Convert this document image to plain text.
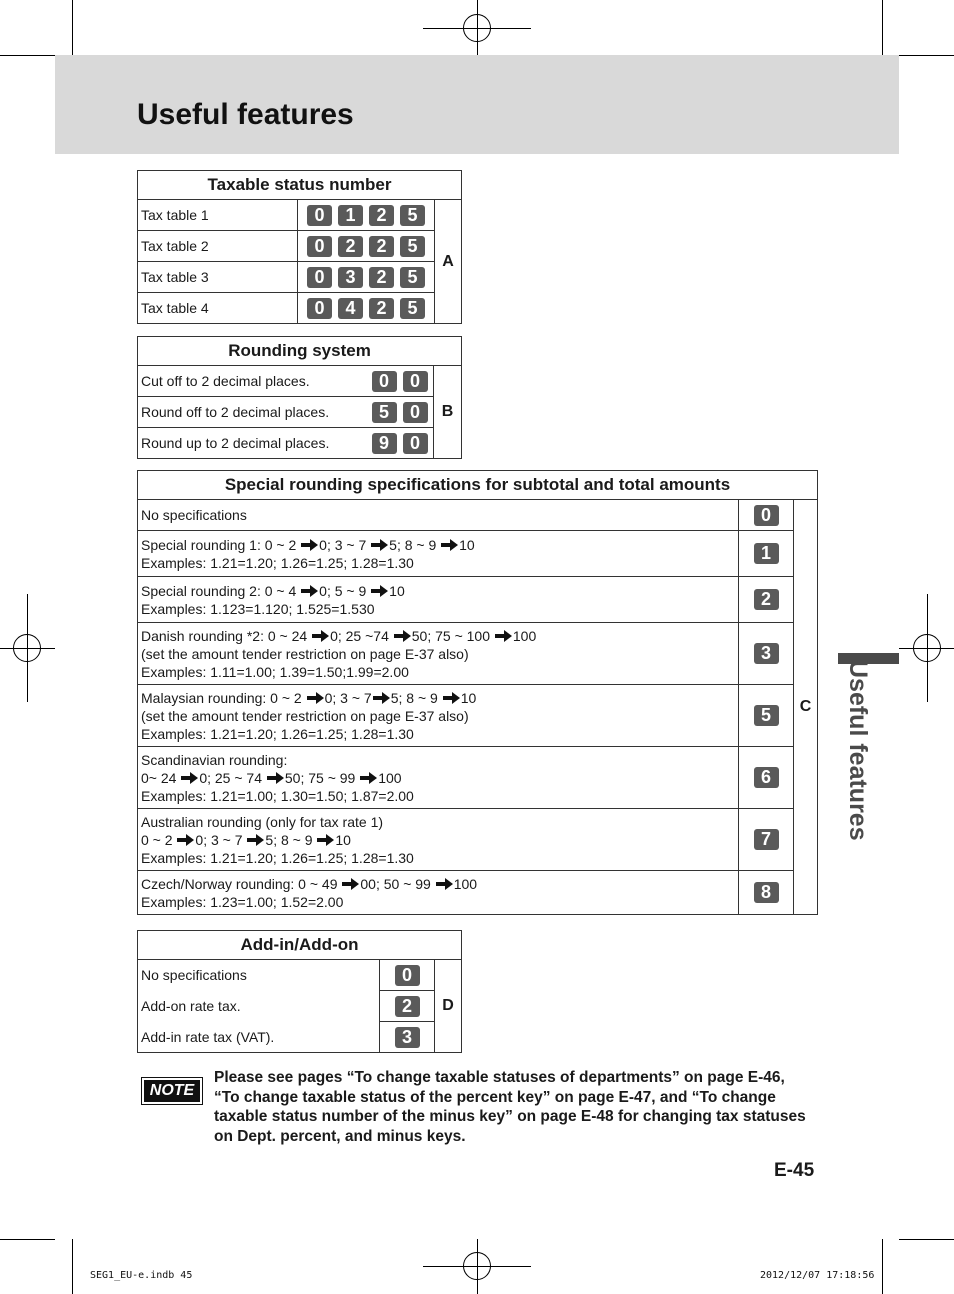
Useful features
Taxable status number		
Tax table 1	0 1 2 5	A
Tax table 2	0 2 2 5	
Tax table 3	0 3 2 5	
Tax table 4	0 4 2 5	
Rounding system		
Cut off to 2 decimal places.	0 0	B
Round off to 2 decimal places.	5 0	
Round up to 2 decimal places.	9 0	
Special rounding specifications for subtotal and total amounts		

No specifications	0	C

Special rounding 1: 0 ~ 2 0; 3 ~ 7 5; 8 ~ 9 10
Examples: 1.21=1.20; 1.26=1.25; 1.28=1.30	1	

Special rounding 2: 0 ~ 4 0; 5 ~ 9 10
Examples: 1.123=1.120; 1.525=1.530	2	

Danish rounding *2: 0 ~ 24 0; 25 ~74 50; 75 ~ 100 100
(set the amount tender restriction on page E-37 also)
Examples: 1.11=1.00; 1.39=1.50;1.99=2.00	3	

Malaysian rounding: 0 ~ 2 0; 3 ~ 7 5; 8 ~ 9 10
(set the amount tender restriction on page E-37 also)
Examples: 1.21=1.20; 1.26=1.25; 1.28=1.30	5	

Scandinavian rounding:
0~ 24 0; 25 ~ 74 50; 75 ~ 99 100
Examples: 1.21=1.00; 1.30=1.50; 1.87=2.00	6	

Australian rounding (only for tax rate 1)
0 ~ 2 0; 3 ~ 7 5; 8 ~ 9 10
Examples: 1.21=1.20; 1.26=1.25; 1.28=1.30	7	

Czech/Norway rounding: 0 ~ 49 00; 50 ~ 99 100
Examples: 1.23=1.00; 1.52=2.00	8	
Add-in/Add-on		
No specifications	0	D
Add-on rate tax.	2	
Add-in rate tax (VAT).	3	
Useful features
NOTE
Please see pages “To change taxable statuses of departments” on page E-46, “To change taxable status of the percent key” on page E-47, and “To change taxable status number of the minus key” on page E-48 for changing tax statuses on Dept. percent, and minus keys.
E-45
SEG1_EU-e.indb 45	2012/12/07 17:18:56
